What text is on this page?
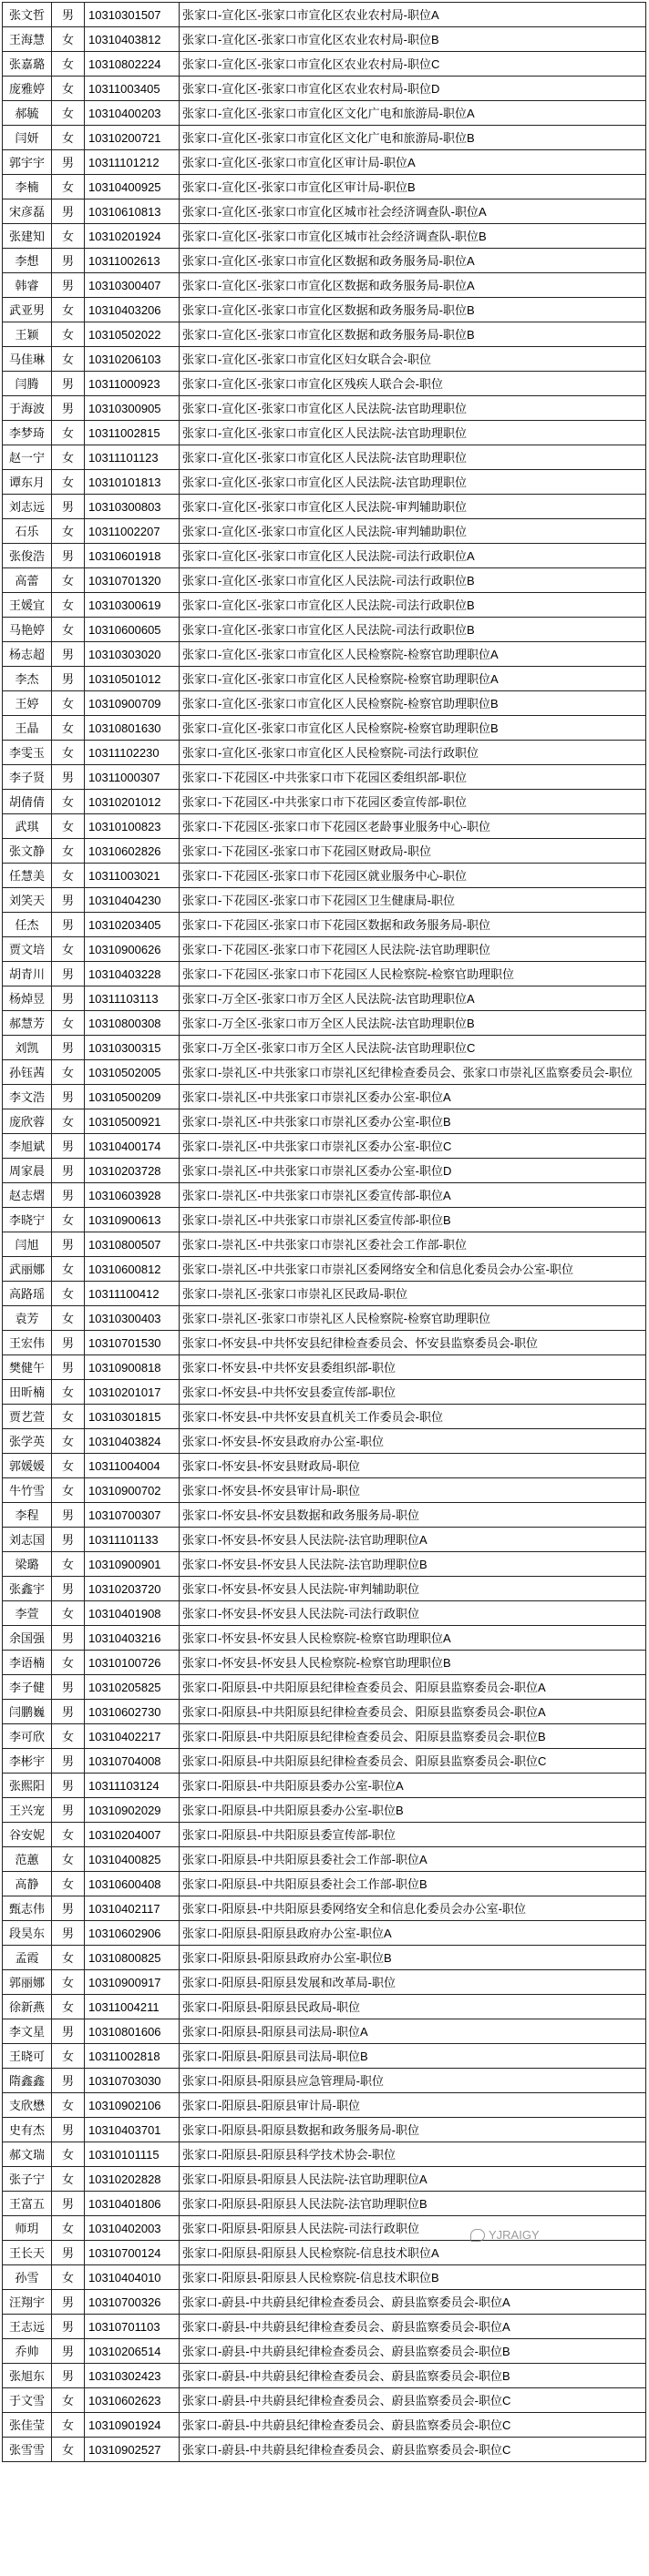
张文哲	男	10310301507	张家口-宣化区-张家口市宣化区农业农村局-职位A
王海慧	女	10310403812	张家口-宣化区-张家口市宣化区农业农村局-职位B
张嘉璐	女	10310802224	张家口-宣化区-张家口市宣化区农业农村局-职位C
庞雅婷	女	10311003405	张家口-宣化区-张家口市宣化区农业农村局-职位D
郝毓	女	10310400203	张家口-宣化区-张家口市宣化区文化广电和旅游局-职位A
闫妍	女	10310200721	张家口-宣化区-张家口市宣化区文化广电和旅游局-职位B
郭宇宇	男	10311101212	张家口-宣化区-张家口市宣化区审计局-职位A
李楠	女	10310400925	张家口-宣化区-张家口市宣化区审计局-职位B
宋彦磊	男	10310610813	张家口-宣化区-张家口市宣化区城市社会经济调查队-职位A
张建知	女	10310201924	张家口-宣化区-张家口市宣化区城市社会经济调查队-职位B
李想	男	10311002613	张家口-宣化区-张家口市宣化区数据和政务服务局-职位A
韩睿	男	10310300407	张家口-宣化区-张家口市宣化区数据和政务服务局-职位A
武亚男	女	10310403206	张家口-宣化区-张家口市宣化区数据和政务服务局-职位B
王颖	女	10310502022	张家口-宣化区-张家口市宣化区数据和政务服务局-职位B
马佳琳	女	10310206103	张家口-宣化区-张家口市宣化区妇女联合会-职位
闫腾	男	10311000923	张家口-宣化区-张家口市宣化区残疾人联合会-职位
于海波	男	10310300905	张家口-宣化区-张家口市宣化区人民法院-法官助理职位
李梦琦	女	10311002815	张家口-宣化区-张家口市宣化区人民法院-法官助理职位
赵一宁	女	10311101123	张家口-宣化区-张家口市宣化区人民法院-法官助理职位
谭东月	女	10310101813	张家口-宣化区-张家口市宣化区人民法院-法官助理职位
刘志远	男	10310300803	张家口-宣化区-张家口市宣化区人民法院-审判辅助职位
石乐	女	10311002207	张家口-宣化区-张家口市宣化区人民法院-审判辅助职位
张俊浩	男	10310601918	张家口-宣化区-张家口市宣化区人民法院-司法行政职位A
高蕾	女	10310701320	张家口-宣化区-张家口市宣化区人民法院-司法行政职位B
王媛宜	女	10310300619	张家口-宣化区-张家口市宣化区人民法院-司法行政职位B
马艳婷	女	10310600605	张家口-宣化区-张家口市宣化区人民法院-司法行政职位B
杨志超	男	10310303020	张家口-宣化区-张家口市宣化区人民检察院-检察官助理职位A
李杰	男	10310501012	张家口-宣化区-张家口市宣化区人民检察院-检察官助理职位A
王婷	女	10310900709	张家口-宣化区-张家口市宣化区人民检察院-检察官助理职位B
王晶	女	10310801630	张家口-宣化区-张家口市宣化区人民检察院-检察官助理职位B
李雯玉	女	10311102230	张家口-宣化区-张家口市宣化区人民检察院-司法行政职位
李子贤	男	10311000307	张家口-下花园区-中共张家口市下花园区委组织部-职位
胡倩倩	女	10310201012	张家口-下花园区-中共张家口市下花园区委宣传部-职位
武琪	女	10310100823	张家口-下花园区-张家口市下花园区老龄事业服务中心-职位
张文静	女	10310602826	张家口-下花园区-张家口市下花园区财政局-职位
任慧美	女	10311003021	张家口-下花园区-张家口市下花园区就业服务中心-职位
刘笑天	男	10310404230	张家口-下花园区-张家口市下花园区卫生健康局-职位
任杰	男	10310203405	张家口-下花园区-张家口市下花园区数据和政务服务局-职位
贾文培	女	10310900626	张家口-下花园区-张家口市下花园区人民法院-法官助理职位
胡青川	男	10310403228	张家口-下花园区-张家口市下花园区人民检察院-检察官助理职位
杨焯昱	男	10311103113	张家口-万全区-张家口市万全区人民法院-法官助理职位A
郝慧芳	女	10310800308	张家口-万全区-张家口市万全区人民法院-法官助理职位B
刘凯	男	10310300315	张家口-万全区-张家口市万全区人民法院-法官助理职位C
孙钰茜	女	10310502005	张家口-崇礼区-中共张家口市崇礼区纪律检查委员会、张家口市崇礼区监察委员会-职位
李文浩	男	10310500209	张家口-崇礼区-中共张家口市崇礼区委办公室-职位A
庞欣蓉	女	10310500921	张家口-崇礼区-中共张家口市崇礼区委办公室-职位B
李旭斌	男	10310400174	张家口-崇礼区-中共张家口市崇礼区委办公室-职位C
周家晨	男	10310203728	张家口-崇礼区-中共张家口市崇礼区委办公室-职位D
赵志熠	男	10310603928	张家口-崇礼区-中共张家口市崇礼区委宣传部-职位A
李晓宁	女	10310900613	张家口-崇礼区-中共张家口市崇礼区委宣传部-职位B
闫旭	男	10310800507	张家口-崇礼区-中共张家口市崇礼区委社会工作部-职位
武丽娜	女	10310600812	张家口-崇礼区-中共张家口市崇礼区委网络安全和信息化委员会办公室-职位
高路瑶	女	10311100412	张家口-崇礼区-张家口市崇礼区民政局-职位
袁芳	女	10310300403	张家口-崇礼区-张家口市崇礼区人民检察院-检察官助理职位
王宏伟	男	10310701530	张家口-怀安县-中共怀安县纪律检查委员会、怀安县监察委员会-职位
樊健午	男	10310900818	张家口-怀安县-中共怀安县委组织部-职位
田昕楠	女	10310201017	张家口-怀安县-中共怀安县委宣传部-职位
贾艺萱	女	10310301815	张家口-怀安县-中共怀安县直机关工作委员会-职位
张学英	女	10310403824	张家口-怀安县-怀安县政府办公室-职位
郭媛媛	女	10311004004	张家口-怀安县-怀安县财政局-职位
牛竹雪	女	10310900702	张家口-怀安县-怀安县审计局-职位
李程	男	10310700307	张家口-怀安县-怀安县数据和政务服务局-职位
刘志国	男	10311101133	张家口-怀安县-怀安县人民法院-法官助理职位A
梁璐	女	10310900901	张家口-怀安县-怀安县人民法院-法官助理职位B
张鑫宇	男	10310203720	张家口-怀安县-怀安县人民法院-审判辅助职位
李萱	女	10310401908	张家口-怀安县-怀安县人民法院-司法行政职位
余国强	男	10310403216	张家口-怀安县-怀安县人民检察院-检察官助理职位A
李语楠	女	10310100726	张家口-怀安县-怀安县人民检察院-检察官助理职位B
李子健	男	10310205825	张家口-阳原县-中共阳原县纪律检查委员会、阳原县监察委员会-职位A
闫鹏巍	男	10310602730	张家口-阳原县-中共阳原县纪律检查委员会、阳原县监察委员会-职位A
李可欣	女	10310402217	张家口-阳原县-中共阳原县纪律检查委员会、阳原县监察委员会-职位B
李彬宇	男	10310704008	张家口-阳原县-中共阳原县纪律检查委员会、阳原县监察委员会-职位C
张熙阳	男	10311103124	张家口-阳原县-中共阳原县委办公室-职位A
王兴宠	男	10310902029	张家口-阳原县-中共阳原县委办公室-职位B
谷安妮	女	10310204007	张家口-阳原县-中共阳原县委宣传部-职位
范蕙	女	10310400825	张家口-阳原县-中共阳原县委社会工作部-职位A
高静	女	10310600408	张家口-阳原县-中共阳原县委社会工作部-职位B
甄志伟	男	10310402117	张家口-阳原县-中共阳原县委网络安全和信息化委员会办公室-职位
段昊东	男	10310602906	张家口-阳原县-阳原县政府办公室-职位A
孟霞	女	10310800825	张家口-阳原县-阳原县政府办公室-职位B
郭丽娜	女	10310900917	张家口-阳原县-阳原县发展和改革局-职位
徐新燕	女	10311004211	张家口-阳原县-阳原县民政局-职位
李文星	男	10310801606	张家口-阳原县-阳原县司法局-职位A
王晓可	女	10311002818	张家口-阳原县-阳原县司法局-职位B
隋鑫鑫	男	10310703030	张家口-阳原县-阳原县应急管理局-职位
支欣懋	女	10310902106	张家口-阳原县-阳原县审计局-职位
史有杰	男	10310403701	张家口-阳原县-阳原县数据和政务服务局-职位
郝文瑞	女	10310101115	张家口-阳原县-阳原县科学技术协会-职位
张子宁	女	10310202828	张家口-阳原县-阳原县人民法院-法官助理职位A
王富五	男	10310401806	张家口-阳原县-阳原县人民法院-法官助理职位B
师玥	女	10310402003	张家口-阳原县-阳原县人民法院-司法行政职位
王长天	男	10310700124	张家口-阳原县-阳原县人民检察院-信息技术职位A
孙雪	女	10310404010	张家口-阳原县-阳原县人民检察院-信息技术职位B
汪翔宇	男	10310700326	张家口-蔚县-中共蔚县纪律检查委员会、蔚县监察委员会-职位A
王志远	男	10310701103	张家口-蔚县-中共蔚县纪律检查委员会、蔚县监察委员会-职位A
乔帅	男	10310206514	张家口-蔚县-中共蔚县纪律检查委员会、蔚县监察委员会-职位B
张旭东	男	10310302423	张家口-蔚县-中共蔚县纪律检查委员会、蔚县监察委员会-职位B
于文雪	女	10310602623	张家口-蔚县-中共蔚县纪律检查委员会、蔚县监察委员会-职位C
张佳莹	女	10310901924	张家口-蔚县-中共蔚县纪律检查委员会、蔚县监察委员会-职位C
张雪雪	女	10310902527	张家口-蔚县-中共蔚县纪律检查委员会、蔚县监察委员会-职位C
YJRAIGY
